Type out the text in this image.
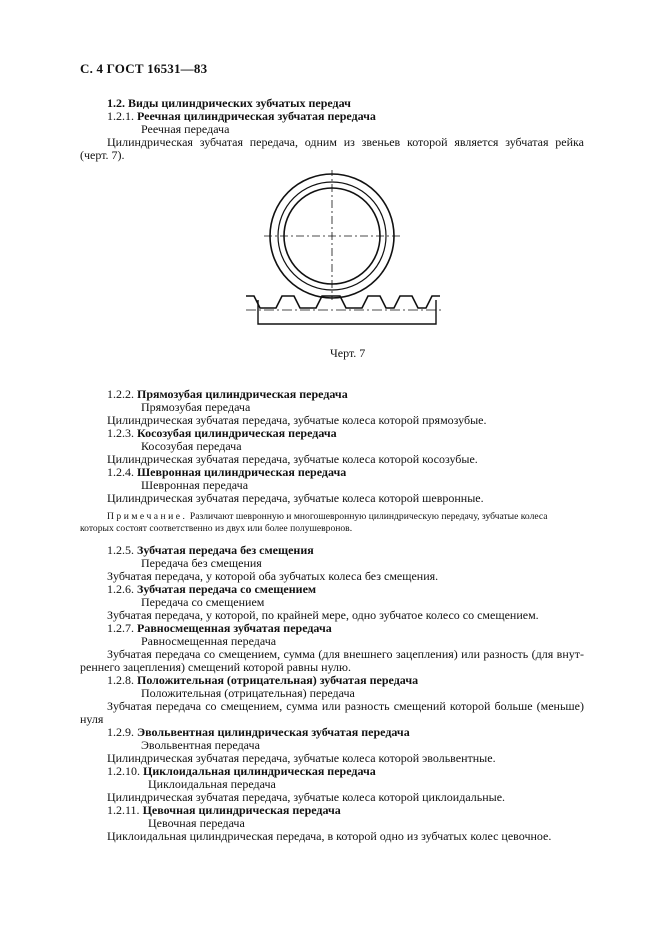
С. 4 ГОСТ 16531—83
1.2. Виды цилиндрических зубчатых передач
1.2.1. Реечная цилиндрическая зубчатая передача
Реечная передача
Цилиндрическая зубчатая передача, одним из звеньев которой является зубчатая рейка
(черт. 7).
Черт. 7
1.2.2. Прямозубая цилиндрическая передача
Прямозубая передача
Цилиндрическая зубчатая передача, зубчатые колеса которой прямозубые.
1.2.3. Косозубая цилиндрическая передача
Косозубая передача
Цилиндрическая зубчатая передача, зубчатые колеса которой косозубые.
1.2.4. Шевронная цилиндрическая передача
Шевронная передача
Цилиндрическая зубчатая передача, зубчатые колеса которой шевронные.
Примечание. Различают шевронную и многошевронную цилиндрическую передачу, зубчатые колеса
которых состоят соответственно из двух или более полушевронов.
1.2.5. Зубчатая передача без смещения
Передача без смещения
Зубчатая передача, у которой оба зубчатых колеса без смещения.
1.2.6. Зубчатая передача со смещением
Передача со смещением
Зубчатая передача, у которой, по крайней мере, одно зубчатое колесо со смещением.
1.2.7. Равносмещенная зубчатая передача
Равносмещенная передача
Зубчатая передача со смещением, сумма (для внешнего зацепления) или разность (для внут-
реннего зацепления) смещений которой равны нулю.
1.2.8. Положительная (отрицательная) зубчатая передача
Положительная (отрицательная) передача
Зубчатая передача со смещением, сумма или разность смещений которой больше (меньше)
нуля
1.2.9. Эвольвентная цилиндрическая зубчатая передача
Эвольвентная передача
Цилиндрическая зубчатая передача, зубчатые колеса которой эвольвентные.
1.2.10. Циклоидальная цилиндрическая передача
Циклоидальная передача
Цилиндрическая зубчатая передача, зубчатые колеса которой циклоидальные.
1.2.11. Цевочная цилиндрическая передача
Цевочная передача
Циклоидальная цилиндрическая передача, в которой одно из зубчатых колес цевочное.
